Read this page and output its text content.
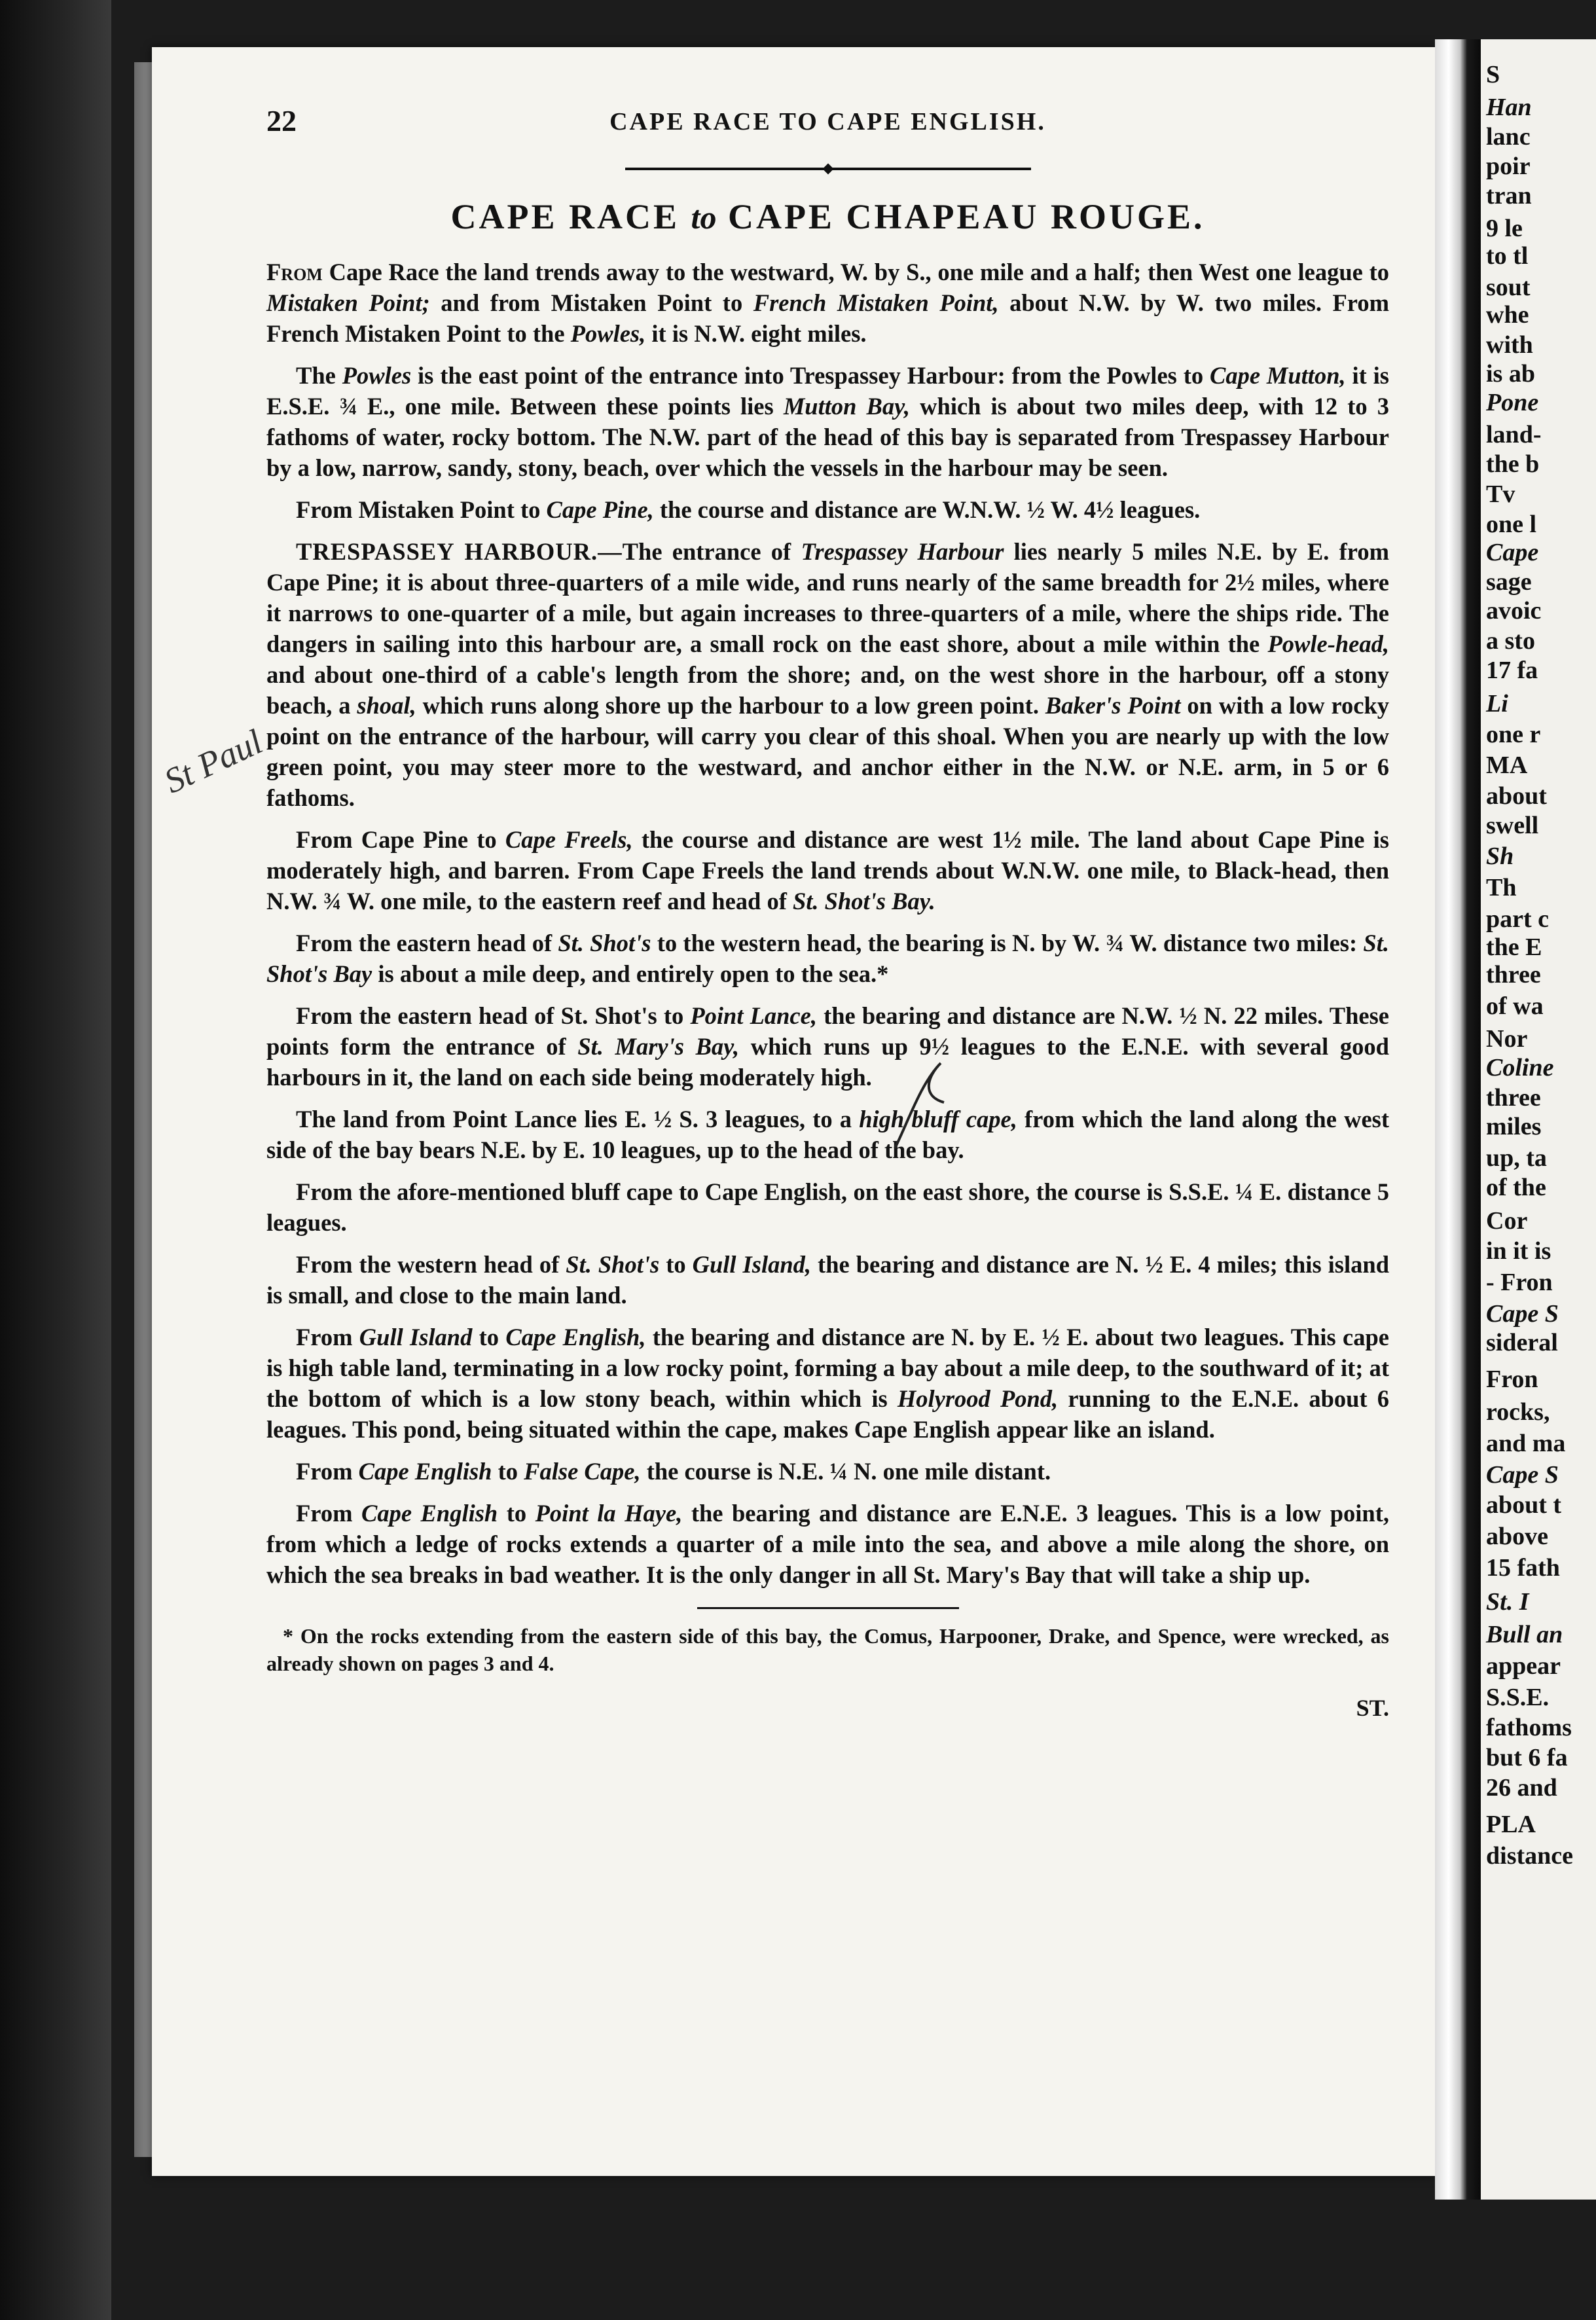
St Paul
22	CAPE RACE TO CAPE ENGLISH.
CAPE RACE to CAPE CHAPEAU ROUGE.

From Cape Race the land trends away to the westward, W. by S., one mile and a half; then West one league to Mistaken Point; and from Mistaken Point to French Mistaken Point, about N.W. by W. two miles. From French Mistaken Point to the Powles, it is N.W. eight miles.

The Powles is the east point of the entrance into Trespassey Harbour: from the Powles to Cape Mutton, it is E.S.E. ¾ E., one mile. Between these points lies Mutton Bay, which is about two miles deep, with 12 to 3 fathoms of water, rocky bottom. The N.W. part of the head of this bay is separated from Trespassey Harbour by a low, narrow, sandy, stony, beach, over which the vessels in the harbour may be seen.

From Mistaken Point to Cape Pine, the course and distance are W.N.W. ½ W. 4½ leagues.

TRESPASSEY HARBOUR.—The entrance of Trespassey Harbour lies nearly 5 miles N.E. by E. from Cape Pine; it is about three-quarters of a mile wide, and runs nearly of the same breadth for 2½ miles, where it narrows to one-quarter of a mile, but again increases to three-quarters of a mile, where the ships ride. The dangers in sailing into this harbour are, a small rock on the east shore, about a mile within the Powle-head, and about one-third of a cable's length from the shore; and, on the west shore in the harbour, off a stony beach, a shoal, which runs along shore up the harbour to a low green point. Baker's Point on with a low rocky point on the entrance of the harbour, will carry you clear of this shoal. When you are nearly up with the low green point, you may steer more to the westward, and anchor either in the N.W. or N.E. arm, in 5 or 6 fathoms.

From Cape Pine to Cape Freels, the course and distance are west 1½ mile. The land about Cape Pine is moderately high, and barren. From Cape Freels the land trends about W.N.W. one mile, to Black-head, then N.W. ¾ W. one mile, to the eastern reef and head of St. Shot's Bay.

From the eastern head of St. Shot's to the western head, the bearing is N. by W. ¾ W. distance two miles: St. Shot's Bay is about a mile deep, and entirely open to the sea.*

From the eastern head of St. Shot's to Point Lance, the bearing and distance are N.W. ½ N. 22 miles. These points form the entrance of St. Mary's Bay, which runs up 9½ leagues to the E.N.E. with several good harbours in it, the land on each side being moderately high.

The land from Point Lance lies E. ½ S. 3 leagues, to a high bluff cape, from which the land along the west side of the bay bears N.E. by E. 10 leagues, up to the head of the bay.

From the afore-mentioned bluff cape to Cape English, on the east shore, the course is S.S.E. ¼ E. distance 5 leagues.

From the western head of St. Shot's to Gull Island, the bearing and distance are N. ½ E. 4 miles; this island is small, and close to the main land.

From Gull Island to Cape English, the bearing and distance are N. by E. ½ E. about two leagues. This cape is high table land, terminating in a low rocky point, forming a bay about a mile deep, to the southward of it; at the bottom of which is a low stony beach, within which is Holyrood Pond, running to the E.N.E. about 6 leagues. This pond, being situated within the cape, makes Cape English appear like an island.

From Cape English to False Cape, the course is N.E. ¼ N. one mile distant.

From Cape English to Point la Haye, the bearing and distance are E.N.E. 3 leagues. This is a low point, from which a ledge of rocks extends a quarter of a mile into the sea, and above a mile along the shore, on which the sea breaks in bad weather. It is the only danger in all St. Mary's Bay that will take a ship up.

* On the rocks extending from the eastern side of this bay, the Comus, Harpooner, Drake, and Spence, were wrecked, as already shown on pages 3 and 4.

ST.
S
Han
lanc
poir
tran
9 le
to tl
sout
whe
with
is ab
Pone
land-
the b
Tv
one l
Cape
sage
avoic
a sto
17 fa
Li
one r
MA
about
swell
Sh
Th
part c
the E
three
of wa
Nor
Coline
three
miles
up, ta
of the
Cor
in it is
- Fron
Cape S
sideral
Fron
rocks,
and ma
Cape S
about t
above
15 fath
St. I
Bull an
appear
S.S.E.
fathoms
but 6 fa
26 and
PLA
distance
